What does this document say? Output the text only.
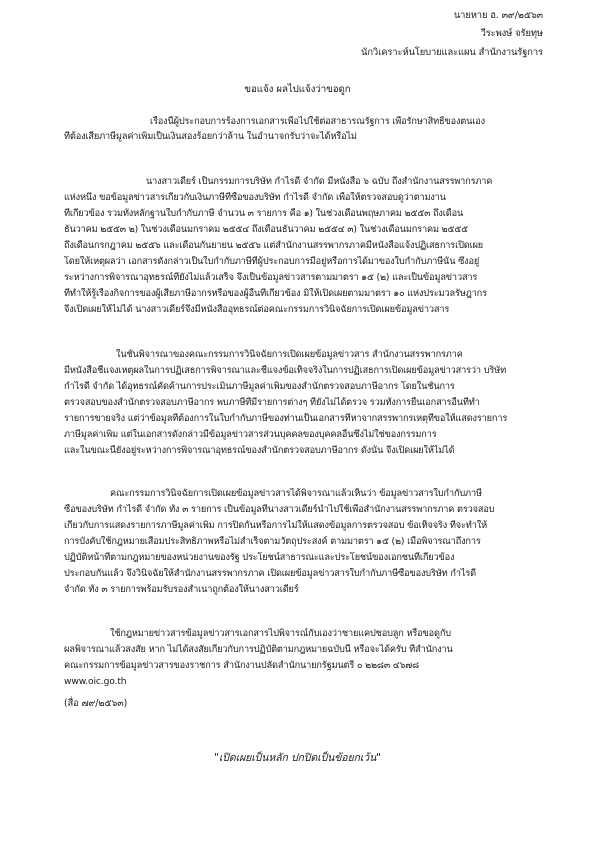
นายหาย ฮ. ๓๙/๒๕๖๓
วีระพงษ์ จรัยทุษ
นักวิเคราะห์นโยบายและแผน สำนักงานรัฐการ
ขอแจ้ง ผลไปแจ้งว่าขอดูก
เรื่องนี้ผู้ประกอบการร้องการเอกสารเพื่อไปใช้ต่อสาธารณรัฐการ เพื่อรักษาสิทธิ์ของตนเอง
ที่ต้องเสียภาษีมูลค่าเพิ่มเป็นเงินสองร้อยกว่าล้าน ในอำนาจกรับว่าจะได้หรือไม่
นางสาวเดียร์ เป็นกรรมการบริษัท กำไรดี จำกัด มีหนังสือ ๖ ฉบับ ถึงสำนักงานสรรพากรภาค
แห่งหนึ่ง ขอข้อมูลข่าวสารเกี่ยวกับเงินภาษีที่ซื้อของบริษัท กำไรดี จำกัด เพื่อให้ตรวจสอบดูว่าตามงาน
ที่เกี่ยวข้อง รวมทั้งหลักฐานใบกำกับภาษี จำนวน ๓ รายการ คือ ๑) ในช่วงเดือนพฤษภาคม ๒๕๕๓ ถึงเดือน
ธันวาคม ๒๕๕๓ ๒) ในช่วงเดือนมกราคม ๒๕๕๔ ถึงเดือนธันวาคม ๒๕๕๔ ๓) ในช่วงเดือนมกราคม ๒๕๕๕
ถึงเดือนกรกฎาคม ๒๕๕๖ และเดือนกันยายน ๒๕๕๖ แต่สำนักงานสรรพากรภาคมีหนังสือแจ้งปฏิเสธการเปิดเผย
โดยให้เหตุผลว่า เอกสารดังกล่าวเป็นใบกำกับภาษีที่ผู้ประกอบการมีอยู่หรือการได้มาของใบกำกับภาษีนั้น ซึ่งอยู่
ระหว่างการพิจารณาอุทธรณ์ที่ยังไม่แล้วเสร็จ จึงเป็นข้อมูลข่าวสารตามมาตรา ๑๕ (๒) และเป็นข้อมูลข่าวสาร
ที่ทำให้รู้เรื่องกิจการของผู้เสียภาษีอากรหรือของผู้อื่นที่เกี่ยวข้อง มิให้เปิดเผยตามมาตรา ๑๐ แห่งประมวลรัษฎากร
จึงเปิดเผยให้ไม่ได้ นางสาวเดียร์จึงมีหนังสืออุทธรณ์ต่อคณะกรรมการวินิจฉัยการเปิดเผยข้อมูลข่าวสาร
ในชั้นพิจารณาของคณะกรรมการวินิจฉัยการเปิดเผยข้อมูลข่าวสาร สำนักงานสรรพากรภาค
มีหนังสือชี้แจงเหตุผลในการปฏิเสธการพิจารณาและชี้แจงข้อเท็จจริงในการปฏิเสธการเปิดเผยข้อมูลข่าวสารว่า บริษัท
กำไรดี จำกัด ได้อุทธรณ์คัดค้านการประเมินภาษีมูลค่าเพิ่มของสำนักตรวจสอบภาษีอากร โดยในชั้นการ
ตรวจสอบของสำนักตรวจสอบภาษีอากร พบภาษีที่มีรายการต่างๆ ที่ยังไม่ได้ตรวจ รวมทั้งการยื่นเอกสารอื่นที่ทำ
รายการขายจริง แต่ว่าข้อมูลที่ต้องการในใบกำกับภาษีของท่านเป็นเอกสารที่หาจากสรรพากรเหตุที่ขอให้แสดงรายการ
ภาษีมูลค่าเพิ่ม แต่ในเอกสารดังกล่าวมีข้อมูลข่าวสารส่วนบุคคลของบุคคลอื่นซึ่งไม่ใช่ของกรรมการ
และในขณะนี้ยังอยู่ระหว่างการพิจารณาอุทธรณ์ของสำนักตรวจสอบภาษีอากร ดังนั้น จึงเปิดเผยให้ไม่ได้
คณะกรรมการวินิจฉัยการเปิดเผยข้อมูลข่าวสารได้พิจารณาแล้วเห็นว่า ข้อมูลข่าวสารใบกำกับภาษี
ซื้อของบริษัท กำไรดี จำกัด ทั้ง ๓ รายการ เป็นข้อมูลที่นางสาวเดียร์นำไปใช้เพื่อสำนักงานสรรพากรภาค ตรวจสอบ
เกี่ยวกับการแสดงรายการภาษีมูลค่าเพิ่ม การปิดกั้นหรือการไม่ให้แสดงข้อมูลการตรวจสอบ ข้อเท็จจริง ที่จะทำให้
การบังคับใช้กฎหมายเสื่อมประสิทธิภาพหรือไม่สำเร็จตามวัตถุประสงค์ ตามมาตรา ๑๕ (๒) เมื่อพิจารณาถึงการ
ปฏิบัติหน้าที่ตามกฎหมายของหน่วยงานของรัฐ ประโยชน์สาธารณะและประโยชน์ของเอกชนที่เกี่ยวข้อง
ประกอบกันแล้ว จึงวินิจฉัยให้สำนักงานสรรพากรภาค เปิดเผยข้อมูลข่าวสารใบกำกับภาษีซื้อของบริษัท กำไรดี
จำกัด ทั้ง ๓ รายการพร้อมรับรองสำเนาถูกต้องให้นางสาวเดียร์
ใช้กฎหมายข่าวสารข้อมูลข่าวสารเอกสารไปพิจารณ์กับเองว่าชายแคปชอบลูก หรือขอดูกับ
ผลพิจารณาแล้วสงสัย หาก ไม่ได้สงสัยเกี่ยวกับการปฏิบัติตามกฎหมายฉบับนี้ หรือจะได้ครับ ที่สำนักงาน
คณะกรรมการข้อมูลข่าวสารของราชการ สำนักงานปลัดสำนักนายกรัฐมนตรี ๐ ๒๒๘๓ ๔๖๗๘
www.oic.go.th
(สื่อ ๗๙/๒๕๖๓)
"เปิดเผยเป็นหลัก ปกปิดเป็นข้อยกเว้น"
